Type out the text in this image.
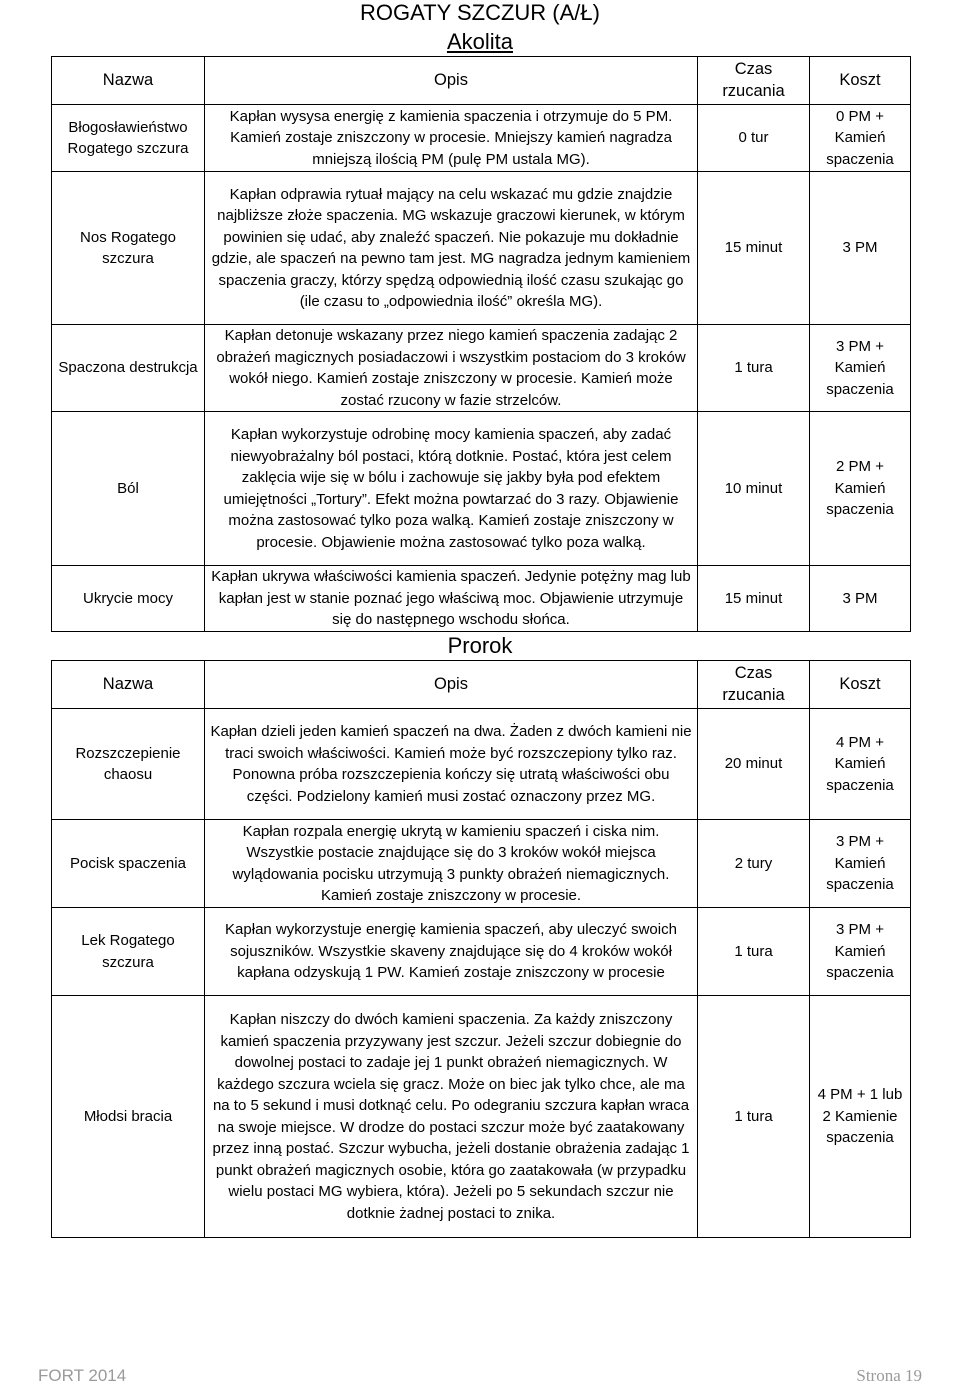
ROGATY SZCZUR (A/Ł)
Akolita
Nazwa	Opis	Czas rzucania	Koszt
Błogosławieństwo Rogatego szczura	Kapłan wysysa energię z kamienia spaczenia i otrzymuje do 5 PM. Kamień zostaje zniszczony w procesie. Mniejszy kamień nagradza mniejszą ilością PM (pulę PM ustala MG).	0 tur	0 PM + Kamień spaczenia
Nos Rogatego szczura	Kapłan odprawia rytuał mający na celu wskazać mu gdzie znajdzie najbliższe złoże spaczenia. MG wskazuje graczowi kierunek, w którym powinien się udać, aby znaleźć spaczeń. Nie pokazuje mu dokładnie gdzie, ale spaczeń na pewno tam jest. MG nagradza jednym kamieniem spaczenia graczy, którzy spędzą odpowiednią ilość czasu szukając go (ile czasu to „odpowiednia ilość” określa MG).	15 minut	3 PM
Spaczona destrukcja	Kapłan detonuje wskazany przez niego kamień spaczenia zadając 2 obrażeń magicznych posiadaczowi i wszystkim postaciom do 3 kroków wokół niego. Kamień zostaje zniszczony w procesie. Kamień może zostać rzucony w fazie strzelców.	1 tura	3 PM + Kamień spaczenia
Ból	Kapłan wykorzystuje odrobinę mocy kamienia spaczeń, aby zadać niewyobrażalny ból postaci, którą dotknie. Postać, która jest celem zaklęcia wije się w bólu i zachowuje się jakby była pod efektem umiejętności „Tortury”. Efekt można powtarzać do 3 razy. Objawienie można zastosować tylko poza walką. Kamień zostaje zniszczony w procesie. Objawienie można zastosować tylko poza walką.	10 minut	2 PM + Kamień spaczenia
Ukrycie mocy	Kapłan ukrywa właściwości kamienia spaczeń. Jedynie potężny mag lub kapłan jest w stanie poznać jego właściwą moc. Objawienie utrzymuje się do następnego wschodu słońca.	15 minut	3 PM
Prorok
Nazwa	Opis	Czas rzucania	Koszt
Rozszczepienie chaosu	Kapłan dzieli jeden kamień spaczeń na dwa. Żaden z dwóch kamieni nie traci swoich właściwości. Kamień może być rozszczepiony tylko raz. Ponowna próba rozszczepienia kończy się utratą właściwości obu części. Podzielony kamień musi zostać oznaczony przez MG.	20 minut	4 PM + Kamień spaczenia
Pocisk spaczenia	Kapłan rozpala energię ukrytą w kamieniu spaczeń i ciska nim. Wszystkie postacie znajdujące się do 3 kroków wokół miejsca wylądowania pocisku utrzymują 3 punkty obrażeń niemagicznych. Kamień zostaje zniszczony w procesie.	2 tury	3 PM + Kamień spaczenia
Lek Rogatego szczura	Kapłan wykorzystuje energię kamienia spaczeń, aby uleczyć swoich sojuszników. Wszystkie skaveny znajdujące się do 4 kroków wokół kapłana odzyskują 1 PW. Kamień zostaje zniszczony w procesie	1 tura	3 PM + Kamień spaczenia
Młodsi bracia	Kapłan niszczy do dwóch kamieni spaczenia. Za każdy zniszczony kamień spaczenia przyzywany jest szczur. Jeżeli szczur dobiegnie do dowolnej postaci to zadaje jej 1 punkt obrażeń niemagicznych. W każdego szczura wciela się gracz. Może on biec jak tylko chce, ale ma na to 5 sekund i musi dotknąć celu. Po odegraniu szczura kapłan wraca na swoje miejsce. W drodze do postaci szczur może być zaatakowany przez inną postać. Szczur wybucha, jeżeli dostanie obrażenia zadając 1 punkt obrażeń magicznych osobie, która go zaatakowała (w przypadku wielu postaci MG wybiera, która). Jeżeli po 5 sekundach szczur nie dotknie żadnej postaci to znika.	1 tura	4 PM + 1 lub 2 Kamienie spaczenia
FORT 2014	Strona 19
